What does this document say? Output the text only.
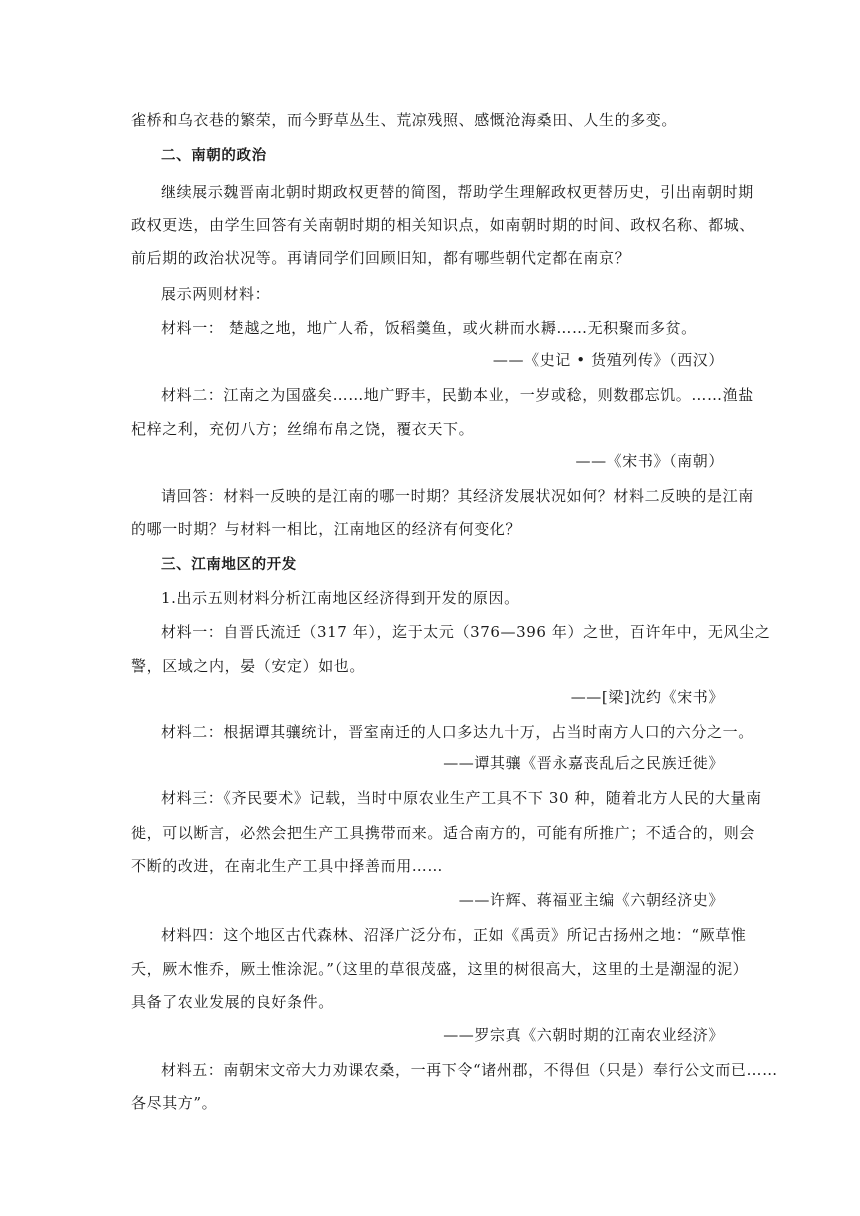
雀桥和乌衣巷的繁荣，而今野草丛生、荒凉残照、感慨沧海桑田、人生的多变。
二、南朝的政治
继续展示魏晋南北朝时期政权更替的简图，帮助学生理解政权更替历史，引出南朝时期
政权更迭，由学生回答有关南朝时期的相关知识点，如南朝时期的时间、政权名称、都城、
前后期的政治状况等。再请同学们回顾旧知，都有哪些朝代定都在南京？
展示两则材料：
材料一： 楚越之地，地广人希，饭稻羹鱼，或火耕而水耨……无积聚而多贫。
——《史记 • 货殖列传》（西汉）
材料二：江南之为国盛矣……地广野丰，民勤本业，一岁或稔，则数郡忘饥。……渔盐
杞梓之利，充仞八方；丝绵布帛之饶，覆衣天下。
——《宋书》（南朝）
请回答：材料一反映的是江南的哪一时期？其经济发展状况如何？材料二反映的是江南
的哪一时期？与材料一相比，江南地区的经济有何变化？
三、江南地区的开发
1.出示五则材料分析江南地区经济得到开发的原因。
材料一：自晋氏流迁（317 年），迄于太元（376—396 年）之世，百许年中，无风尘之
警，区域之内，晏（安定）如也。
——[梁]沈约《宋书》
材料二：根据谭其骧统计，晋室南迁的人口多达九十万，占当时南方人口的六分之一。
——谭其骧《晋永嘉丧乱后之民族迁徙》
材料三：《齐民要术》记载，当时中原农业生产工具不下 30 种，随着北方人民的大量南
徙，可以断言，必然会把生产工具携带而来。适合南方的，可能有所推广；不适合的，则会
不断的改进，在南北生产工具中择善而用……
——许辉、蒋福亚主编《六朝经济史》
材料四：这个地区古代森林、沼泽广泛分布，正如《禹贡》所记古扬州之地：“厥草惟
夭，厥木惟乔，厥土惟涂泥。”（这里的草很茂盛，这里的树很高大，这里的土是潮湿的泥）
具备了农业发展的良好条件。
——罗宗真《六朝时期的江南农业经济》
材料五：南朝宋文帝大力劝课农桑，一再下令“诸州郡，不得但（只是）奉行公文而已……
各尽其方”。
